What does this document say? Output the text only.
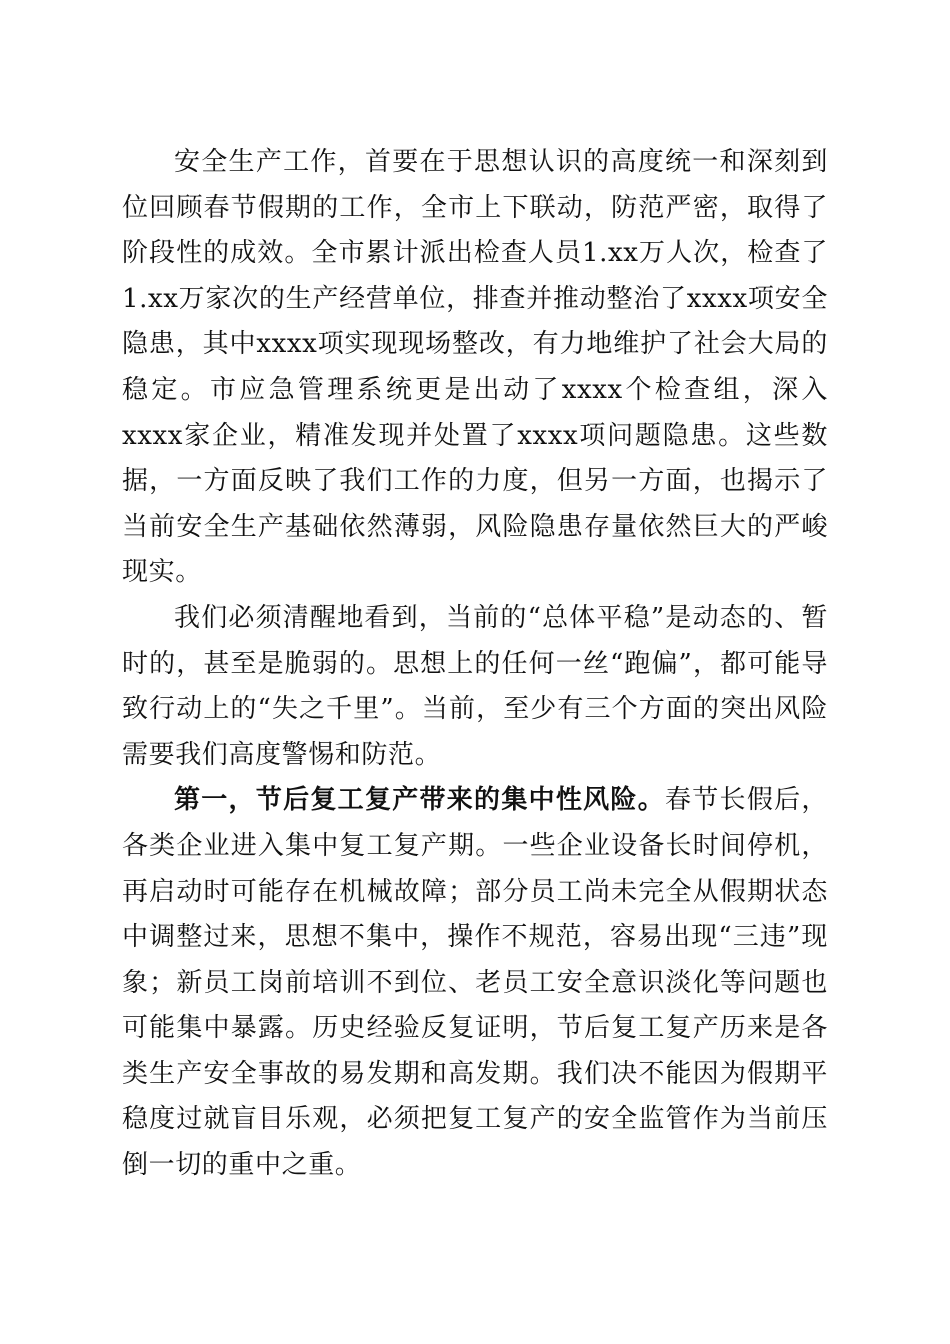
安全生产工作，首要在于思想认识的高度统一和深刻到位回顾春节假期的工作，全市上下联动，防范严密，取得了阶段性的成效。全市累计派出检查人员1.xx万人次，检查了1.xx万家次的生产经营单位，排查并推动整治了xxxx项安全隐患，其中xxxx项实现现场整改，有力地维护了社会大局的稳定。市应急管理系统更是出动了xxxx个检查组，深入xxxx家企业，精准发现并处置了xxxx项问题隐患。这些数据，一方面反映了我们工作的力度，但另一方面，也揭示了当前安全生产基础依然薄弱，风险隐患存量依然巨大的严峻现实。

我们必须清醒地看到，当前的“总体平稳”是动态的、暂时的，甚至是脆弱的。思想上的任何一丝“跑偏”，都可能导致行动上的“失之千里”。当前，至少有三个方面的突出风险需要我们高度警惕和防范。

第一，节后复工复产带来的集中性风险。春节长假后，各类企业进入集中复工复产期。一些企业设备长时间停机，再启动时可能存在机械故障；部分员工尚未完全从假期状态中调整过来，思想不集中，操作不规范，容易出现“三违”现象；新员工岗前培训不到位、老员工安全意识淡化等问题也可能集中暴露。历史经验反复证明，节后复工复产历来是各类生产安全事故的易发期和高发期。我们决不能因为假期平稳度过就盲目乐观，必须把复工复产的安全监管作为当前压倒一切的重中之重。
